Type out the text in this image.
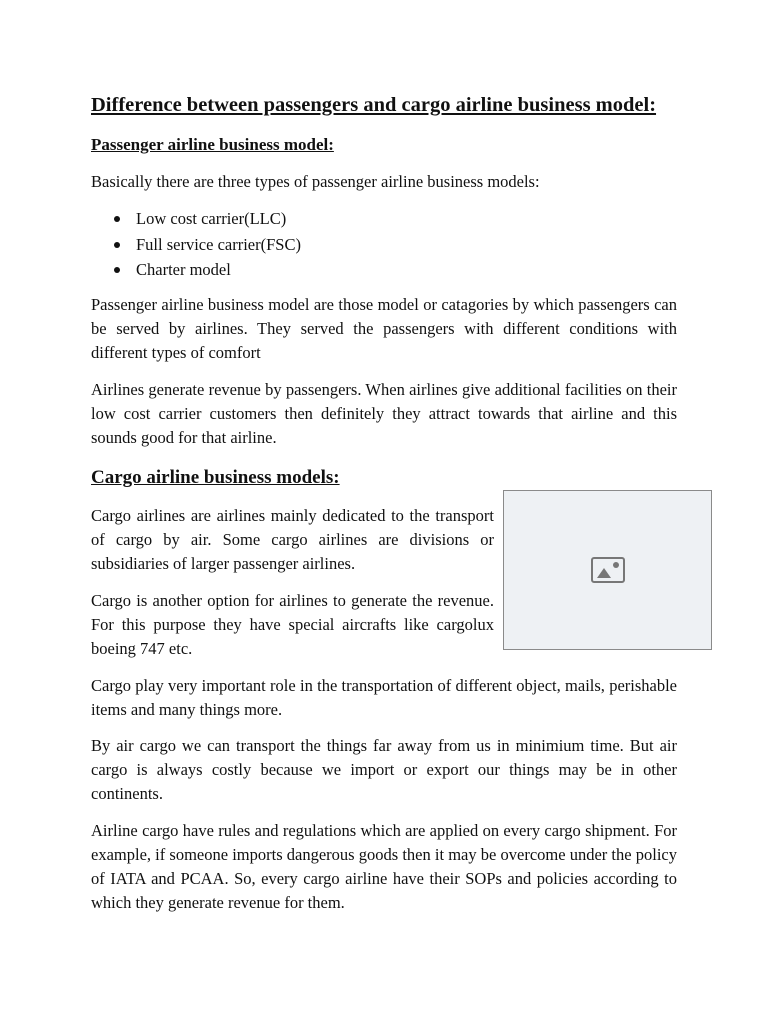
Difference between passengers and cargo airline business model:
Passenger airline business model:

Basically there are three types of passenger airline business models:

Low cost carrier(LLC)
Full service carrier(FSC)
Charter model

Passenger airline business model are those model or catagories by which passengers can be served by airlines. They served the passengers with different conditions with different types of comfort

Airlines generate revenue by passengers. When airlines give additional facilities on their low cost carrier customers then definitely they attract towards that airline and this sounds good for that airline.

Cargo airline business models:

Cargo airlines are airlines mainly dedicated to the transport of cargo by air. Some cargo airlines are divisions or subsidiaries of larger passenger airlines.

Cargo is another option for airlines to generate the revenue. For this purpose they have special aircrafts like cargolux boeing 747 etc.

Cargo play very important role in the transportation of different object, mails, perishable items and many things more.

By air cargo we can transport the things far away from us in minimium time. But air cargo is always costly because we import or export our things may be in other continents.

Airline cargo have rules and regulations which are applied on every cargo shipment. For example, if someone imports dangerous goods then it may be overcome under the policy of IATA and PCAA. So, every cargo airline have their SOPs and policies according to which they generate revenue for them.
